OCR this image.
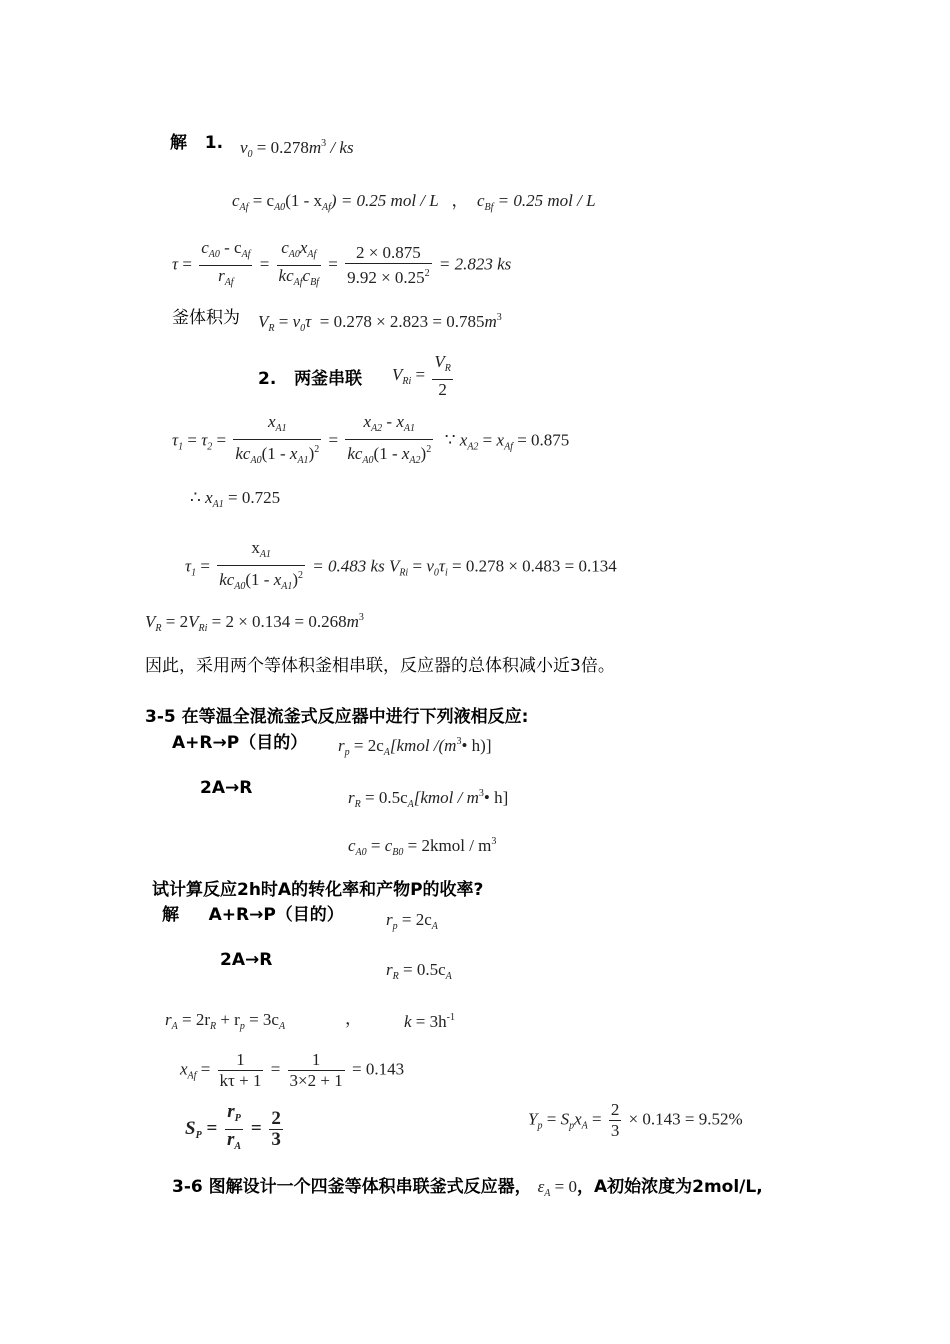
解 1. $v_0 = 0.278m^3$ / ks
$c_{Af} = c_{A0}(1 - x_{Af}) = 0.25$ mol / L ， $c_{Bf} = 0.25$ mol / L
$\tau = \frac{c_{A0} - c_{Af}}{r_{Af}} = \frac{c_{A0}x_{Af}}{kc_{Af}c_{Bf}} = \frac{2 \times 0.875}{9.92 \times 0.25^2} = 2.823$ ks
釜体积为 $V_R = v_0\tau = 0.278 \times 2.823 = 0.785m^3$
2. 两釜串联 $V_{Ri} = \frac{V_R}{2}$
$\tau_1 = \tau_2 = \frac{x_{A1}}{kc_{A0}(1 - x_{A1})^2} = \frac{x_{A2} - x_{A1}}{kc_{A0}(1 - x_{A2})^2}$ ∵ $x_{A2} = x_{Af} = 0.875$
∴ $x_{A1} = 0.725$
$\tau_1 = \frac{x_{A1}}{kc_{A0}(1 - x_{A1})^2} = 0.483$ ks $V_{Ri} = v_0\tau_i = 0.278 \times 0.483 = 0.134$
$V_R = 2V_{Ri} = 2 \times 0.134 = 0.268m^3$
因此，采用两个等体积釜相串联，反应器的总体积减小近3倍。
3-5 在等温全混流釜式反应器中进行下列液相反应:
A+R→P（目的） $r_p$ = $2c_A[kmol$ $/(m^3•$ h)]
2A→R	$r_R$ = $0.5c_A[kmol$ / $m^3•$ h]
$c_{A0} = c_{B0}$ = 2kmol / $m^3$
试计算反应2h时A的转化率和产物P的收率?
解 A+R→P（目的） $r_p = 2c_A$
2A→R	$r_R = 0.5c_A$
$r_A = 2r_R + r_p = 3c_A$	， $k = 3h^{-1}$
$x_{Af} = \frac{1}{k\tau + 1} = \frac{1}{3\times 2 + 1} = 0.143$
$S_P = \frac{r_P}{r_A} = \frac{2}{3}$	$Y_p = S_px_A = \frac{2}{3} \times 0.143 = 9.52\%$
3-6 图解设计一个四釜等体积串联釜式反应器， $\varepsilon_A = 0$，A初始浓度为2mol/L,
